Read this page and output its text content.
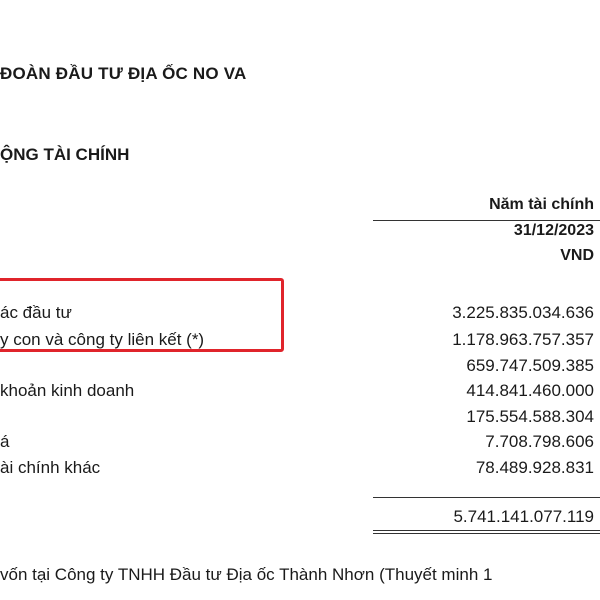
ĐOÀN ĐẦU TƯ ĐỊA ỐC NO VA
ỘNG TÀI CHÍNH
Năm tài chính
31/12/2023
VND
ác đầu tư	3.225.835.034.636
y con và công ty liên kết (*)	1.178.963.757.357
659.747.509.385
khoản kinh doanh	414.841.460.000
175.554.588.304
á	7.708.798.606
ài chính khác	78.489.928.831
5.741.141.077.119
vốn tại Công ty TNHH Đầu tư Địa ốc Thành Nhơn (Thuyết minh 1
